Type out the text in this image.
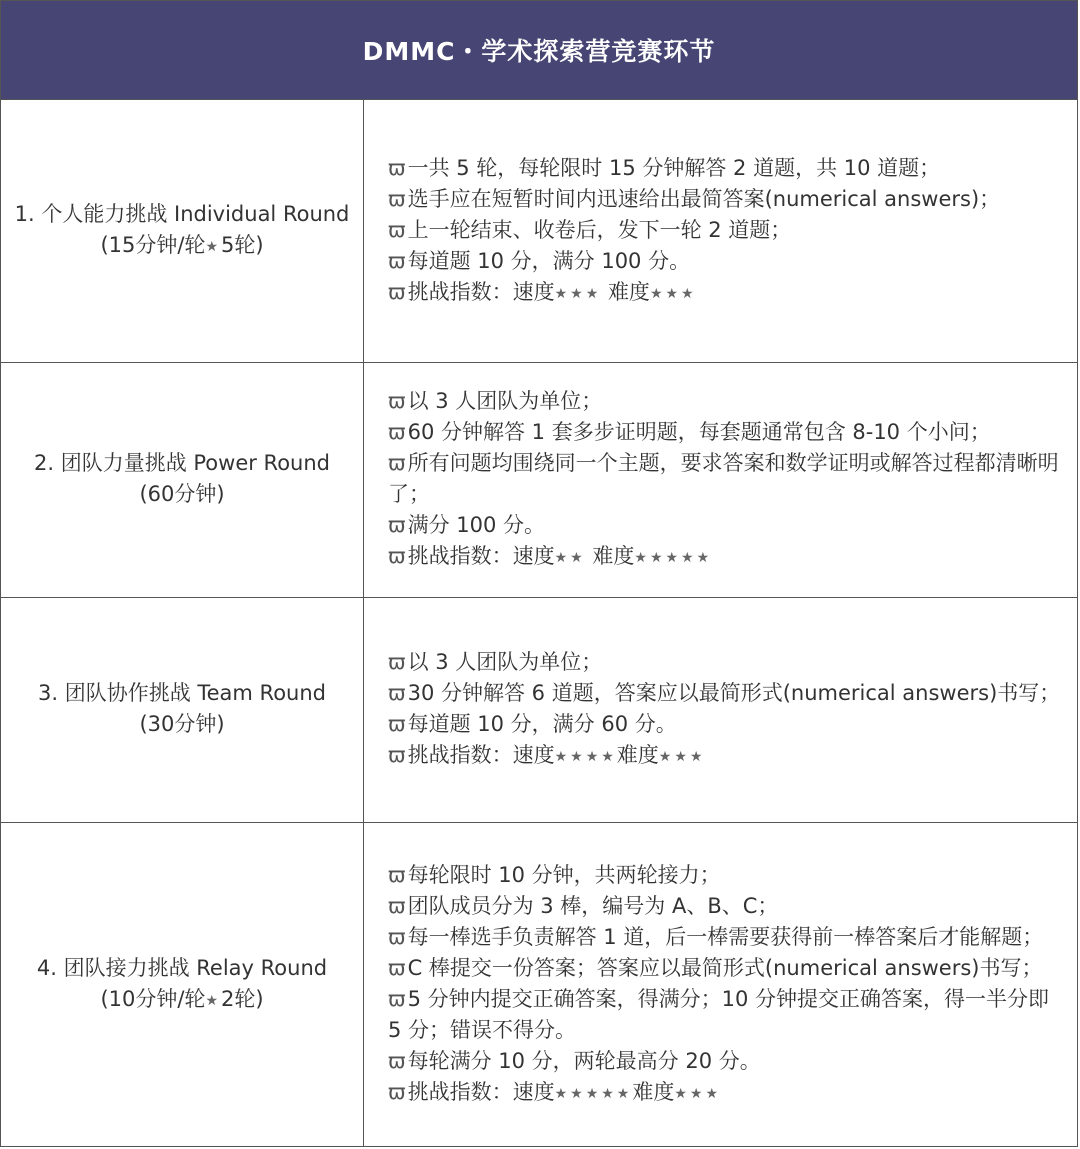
DMMC・学术探索营竞赛环节
1. 个人能力挑战 Individual Round
(15分钟/轮★5轮)
ϖ一共 5 轮，每轮限时 15 分钟解答 2 道题，共 10 道题；
ϖ选手应在短暂时间内迅速给出最简答案(numerical answers)；
ϖ上一轮结束、收卷后，发下一轮 2 道题；
ϖ每道题 10 分，满分 100 分。
ϖ挑战指数：速度★★★ 难度★★★
2. 团队力量挑战 Power Round
(60分钟)
ϖ以 3 人团队为单位；
ϖ60 分钟解答 1 套多步证明题，每套题通常包含 8-10 个小问；
ϖ所有问题均围绕同一个主题，要求答案和数学证明或解答过程都清晰明了；
ϖ满分 100 分。
ϖ挑战指数：速度★★ 难度★★★★★
3. 团队协作挑战 Team Round
(30分钟)
ϖ以 3 人团队为单位；
ϖ30 分钟解答 6 道题，答案应以最简形式(numerical answers)书写；
ϖ每道题 10 分，满分 60 分。
ϖ挑战指数：速度★★★★难度★★★
4. 团队接力挑战 Relay Round
(10分钟/轮★2轮)
ϖ每轮限时 10 分钟，共两轮接力；
ϖ团队成员分为 3 棒，编号为 A、B、C；
ϖ每一棒选手负责解答 1 道，后一棒需要获得前一棒答案后才能解题；
ϖC 棒提交一份答案；答案应以最简形式(numerical answers)书写；
ϖ5 分钟内提交正确答案，得满分；10 分钟提交正确答案，得一半分即 5 分；错误不得分。
ϖ每轮满分 10 分，两轮最高分 20 分。
ϖ挑战指数：速度★★★★★难度★★★
